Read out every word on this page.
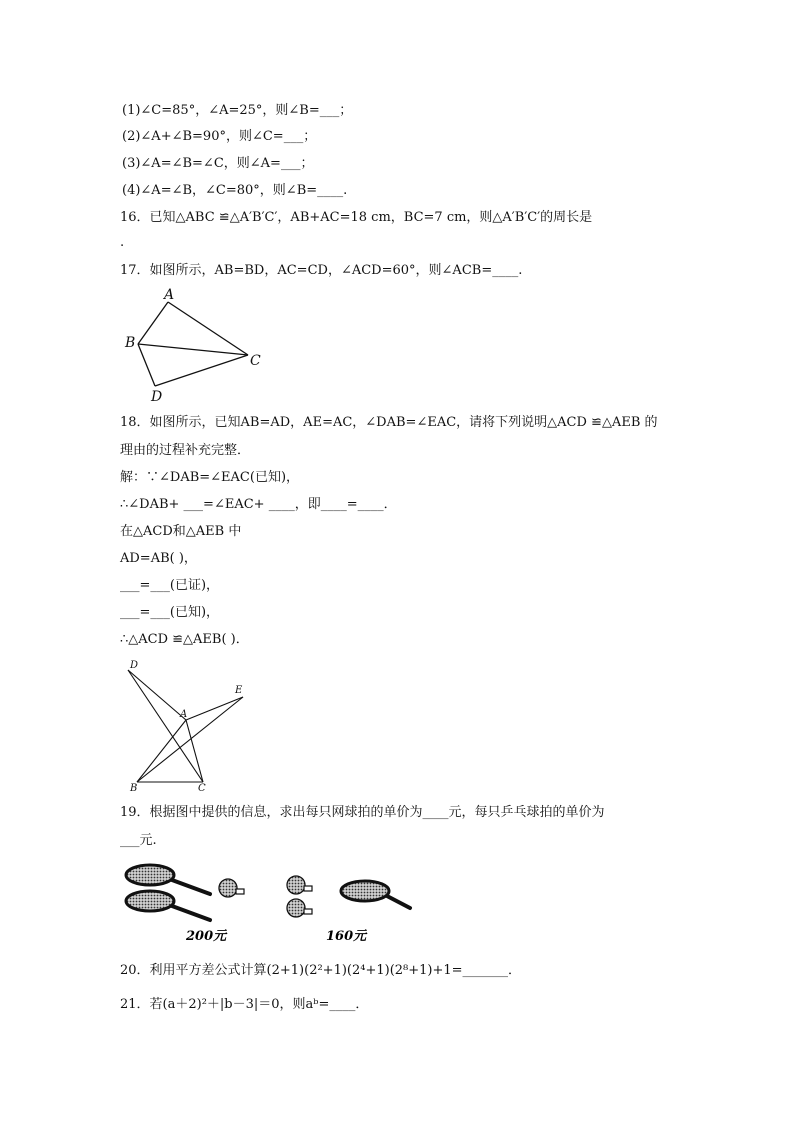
(1)∠C=85°，∠A=25°，则∠B=___；
(2)∠A+∠B=90°，则∠C=___；
(3)∠A=∠B=∠C，则∠A=___；
(4)∠A=∠B，∠C=80°，则∠B=____.
16．已知△ABC ≌△A′B′C′，AB+AC=18 cm，BC=7 cm，则△A′B′C′的周长是
.
17．如图所示，AB=BD，AC=CD，∠ACD=60°，则∠ACB=____.
A
B
C
D
18．如图所示，已知AB=AD，AE=AC，∠DAB=∠EAC，请将下列说明△ACD ≌△AEB 的
理由的过程补充完整．
解：∵∠DAB=∠EAC(已知)，
∴∠DAB+ ___=∠EAC+ ____，即____=____．
在△ACD和△AEB 中
AD=AB( )，
___=___(已证)，
___=___(已知)，
∴△ACD ≌△AEB( )．
D
E
A
B	C
19．根据图中提供的信息，求出每只网球拍的单价为____元，每只乒乓球拍的单价为
___元.
200元	160元
20．利用平方差公式计算(2+1)(2²+1)(2⁴+1)(2⁸+1)+1=_______．
21．若(a＋2)²＋|b－3|＝0，则aᵇ=____．
